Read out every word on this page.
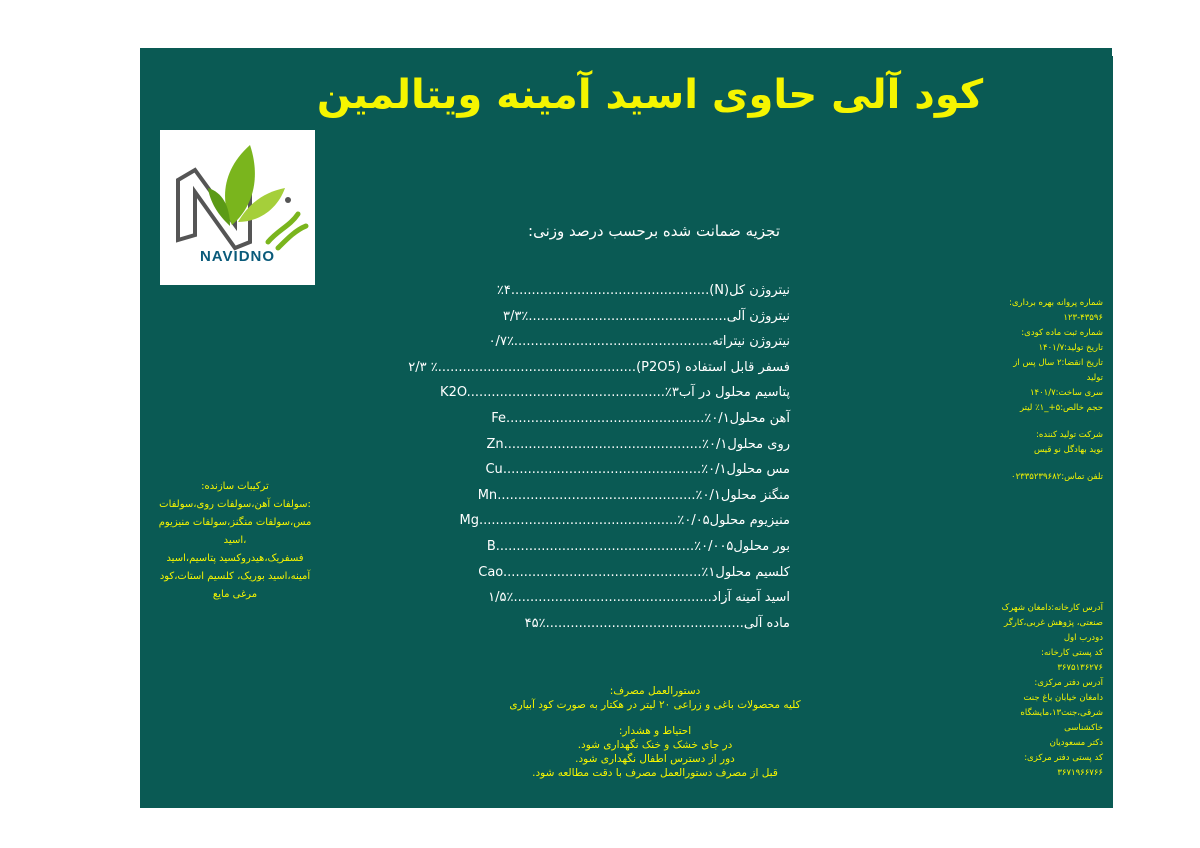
کود آلی حاوی اسید آمینه ویتالمین
NAVIDNO
تجزیه ضمانت شده برحسب درصد وزنی:
نیتروژن کل(N)................................................٪۴
نیتروژن آلی................................................٪۳/۳
نیتروژن نیتراته................................................٪۰/۷
فسفر قابل استفاده (P2O5)................................................٪ ۲/۳
پتاسیم محلول در آبK2O................................................٪۳
آهن محلولFe................................................٪۰/۱
روی محلولZn................................................٪۰/۱
مس محلولCu................................................٪۰/۱
منگنز محلولMn................................................٪۰/۱
منیزیوم محلولMg................................................٪۰/۰۵
بور محلولB................................................٪۰/۰۰۵
کلسیم محلولCao................................................٪۱
اسید آمینه آزاد................................................٪۱/۵
ماده آلی................................................٪۴۵
ترکیبات سازنده:
:سولفات آهن،سولفات روی،سولفات
مس،سولفات منگنز،سولفات منیزیوم ،اسید
فسفریک،هیدروکسید پتاسیم،اسید
آمینه،اسید بوریک، کلسیم استات،کود
مرغی مایع
دستورالعمل مصرف:
کلیه محصولات باغی و زراعی ۲۰ لیتر در هکتار به صورت کود آبیاری
احتیاط و هشدار:
در جای خشک و خنک نگهداری شود.
دور از دسترس اطفال نگهداری شود.
قبل از مصرف دستورالعمل مصرف با دقت مطالعه شود.
شماره پروانه بهره برداری:
۱۲۳-۴۳۵۹۶
شماره ثبت ماده کودی:
تاریخ تولید:۱۴۰۱/۷
تاریخ انقضا:۲ سال پس از
تولید
سری ساخت:۱۴۰۱/۷
حجم خالص:۵+_۱٪ لیتر
شرکت تولید کننده:
نوید بهادگل نو قیس
تلفن تماس:۰۲۳۳۵۲۳۹۶۸۲
آدرس کارخانه:دامغان شهرک
صنعتی، پژوهش غربی،کارگر
دودرب اول
کد پستی کارخانه:
۳۶۷۵۱۳۶۲۷۶
آدرس دفتر مرکزی:
دامغان خیابان باغ جنت
شرقی،جنت۱۳،مایشگاه خاکشناسی
دکتر مسعودیان
کد پستی دفتر مرکزی:
۳۶۷۱۹۶۶۷۶۶
